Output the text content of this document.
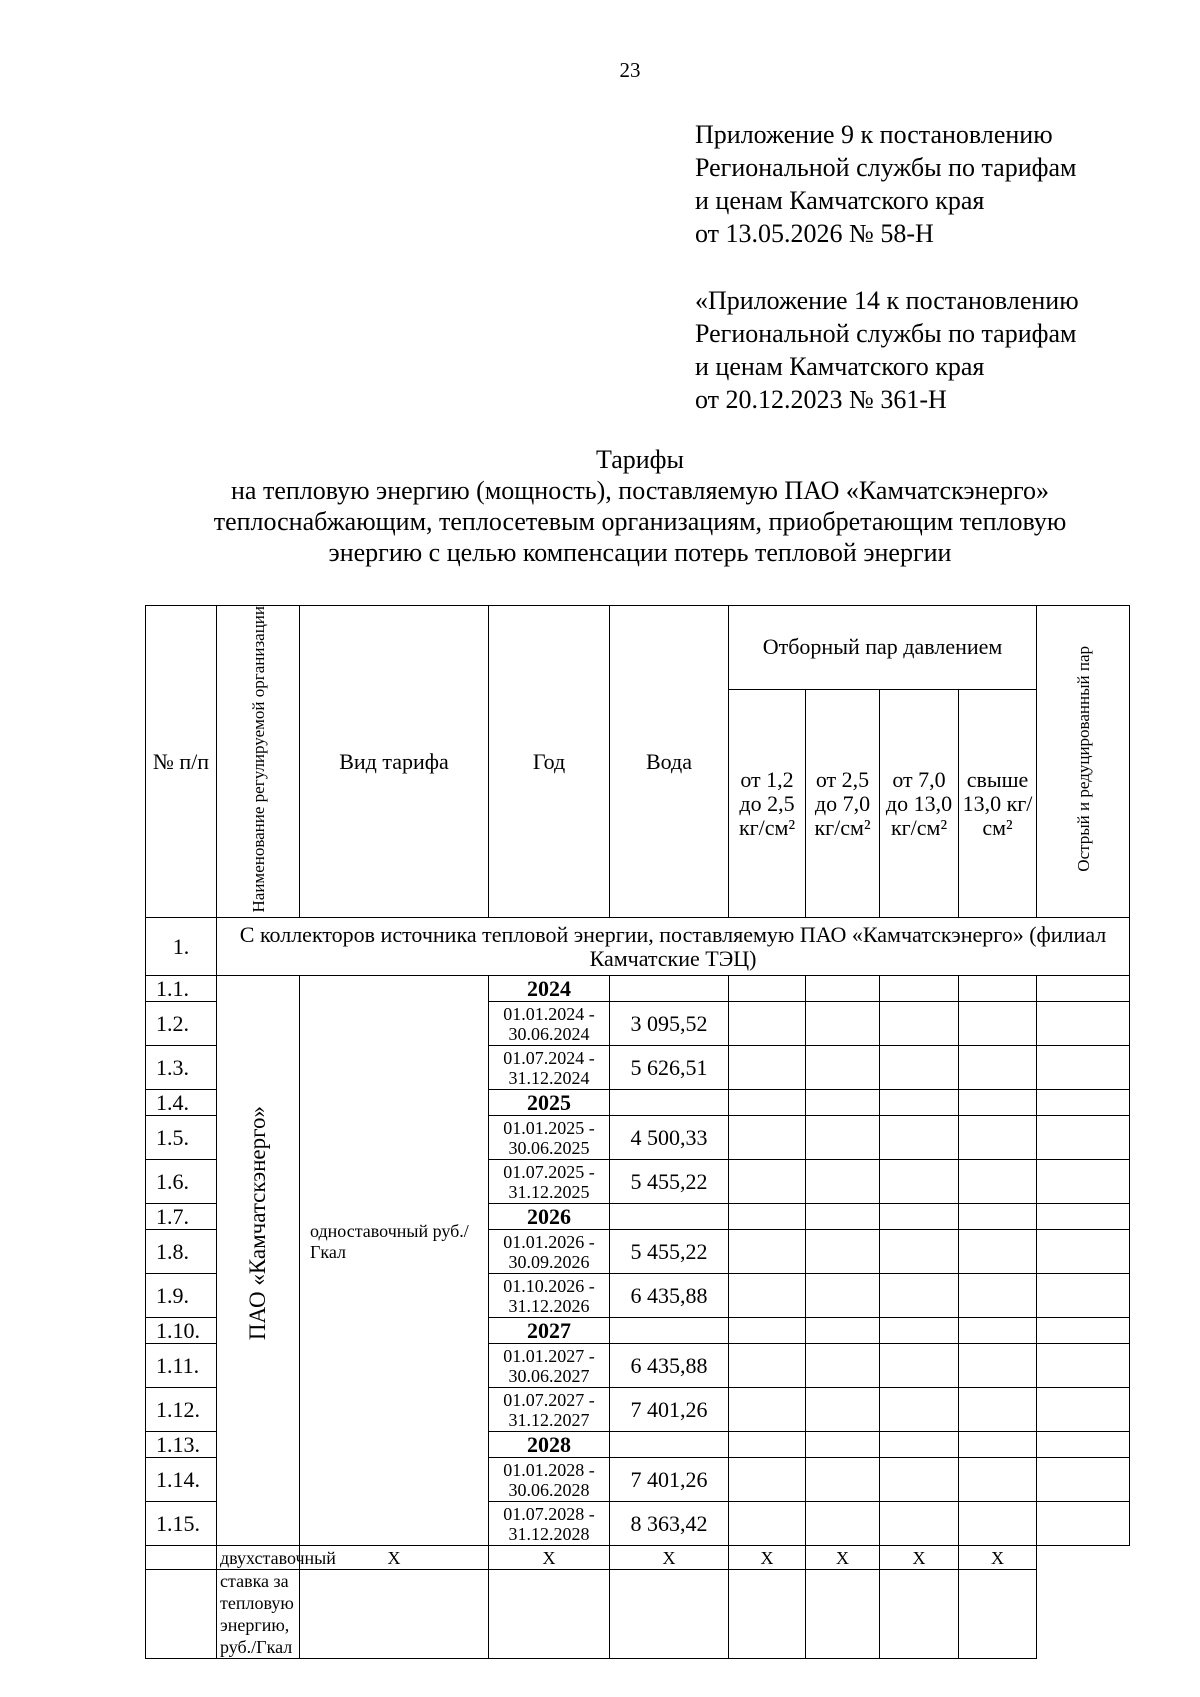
23
Приложение 9 к постановлению
Региональной службы по тарифам
и ценам Камчатского края
от 13.05.2026 № 58-Н
«Приложение 14 к постановлению
Региональной службы по тарифам
и ценам Камчатского края
от 20.12.2023 № 361-Н
Тарифы
на тепловую энергию (мощность), поставляемую ПАО «Камчатскэнерго»
теплоснабжающим, теплосетевым организациям, приобретающим тепловую
энергию с целью компенсации потерь тепловой энергии
№ п/п	Наименование регулируемой организации	Вид тарифа	Год	Вода	Отборный пар давлением				Острый и редуцированный пар
					от 1,2 до 2,5 кг/см²	от 2,5 до 7,0 кг/см²	от 7,0 до 13,0 кг/см²	свыше 13,0 кг/см²	
1.	С коллекторов источника тепловой энергии, поставляемую ПАО «Камчатскэнерго» (филиал Камчатские ТЭЦ)								
1.1.	ПАО «Камчатскэнерго»	одноставочный руб./Гкал	2024						
1.2.			01.01.2024 - 30.06.2024	3 095,52					
1.3.			01.07.2024 - 31.12.2024	5 626,51					
1.4.			2025						
1.5.			01.01.2025 - 30.06.2025	4 500,33					
1.6.			01.07.2025 - 31.12.2025	5 455,22					
1.7.			2026						
1.8.			01.01.2026 - 30.09.2026	5 455,22					
1.9.			01.10.2026 - 31.12.2026	6 435,88					
1.10.			2027						
1.11.			01.01.2027 - 30.06.2027	6 435,88					
1.12.			01.07.2027 - 31.12.2027	7 401,26					
1.13.			2028						
1.14.			01.01.2028 - 30.06.2028	7 401,26					
1.15.			01.07.2028 - 31.12.2028	8 363,42					
	двухставочный	X	X	X	X	X	X	X	
	ставка за тепловую энергию, руб./Гкал								
